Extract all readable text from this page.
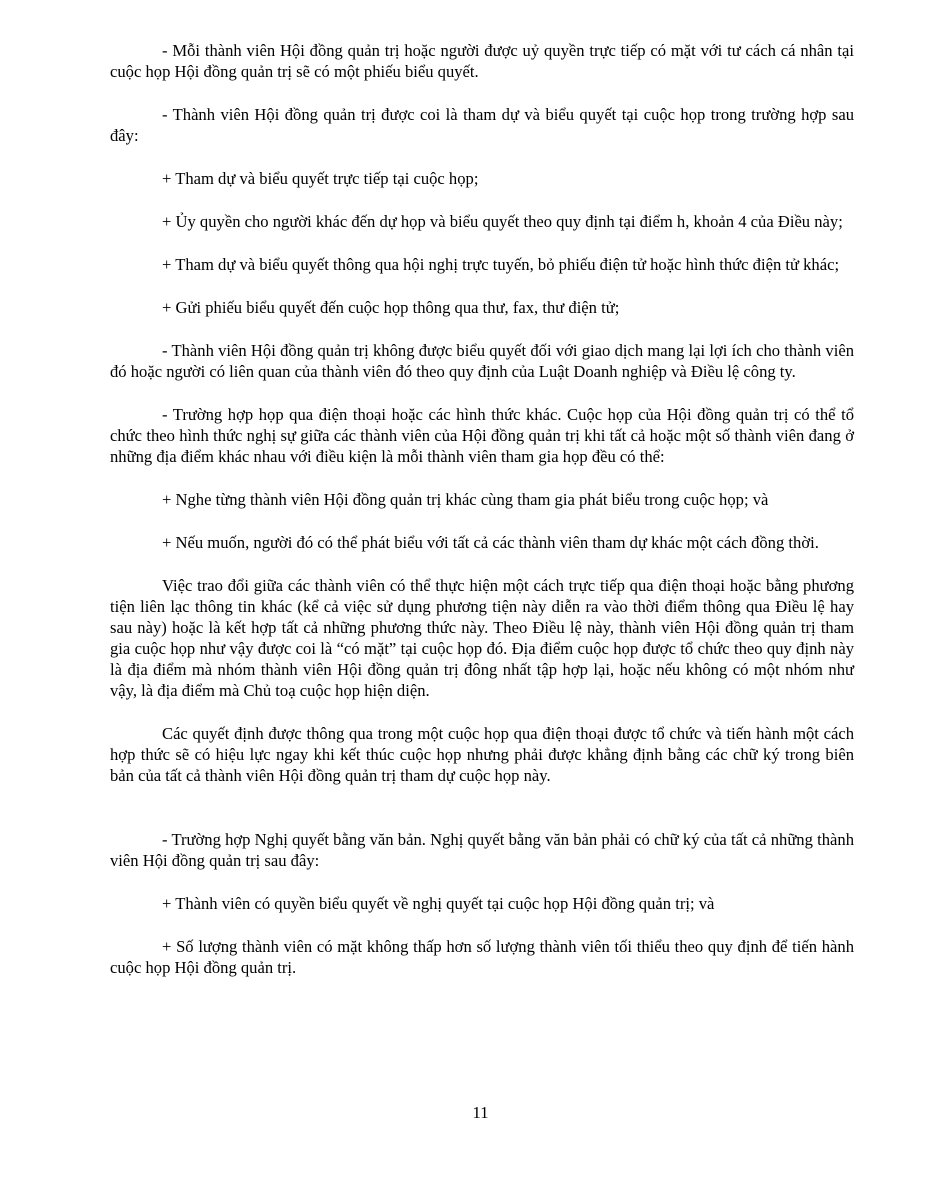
- Mỗi thành viên Hội đồng quản trị hoặc người được uỷ quyền trực tiếp có mặt với tư cách cá nhân tại cuộc họp Hội đồng quản trị sẽ có một phiếu biểu quyết.

- Thành viên Hội đồng quản trị được coi là tham dự và biểu quyết tại cuộc họp trong trường hợp sau đây:

+ Tham dự và biểu quyết trực tiếp tại cuộc họp;

+ Ủy quyền cho người khác đến dự họp và biểu quyết theo quy định tại điểm h, khoản 4 của Điều này;

+ Tham dự và biểu quyết thông qua hội nghị trực tuyến, bỏ phiếu điện tử hoặc hình thức điện tử khác;

+ Gửi phiếu biểu quyết đến cuộc họp thông qua thư, fax, thư điện tử;

- Thành viên Hội đồng quản trị không được biểu quyết đối với giao dịch mang lại lợi ích cho thành viên đó hoặc người có liên quan của thành viên đó theo quy định của Luật Doanh nghiệp và Điều lệ công ty.

- Trường hợp họp qua điện thoại hoặc các hình thức khác. Cuộc họp của Hội đồng quản trị có thể tổ chức theo hình thức nghị sự giữa các thành viên của Hội đồng quản trị khi tất cả hoặc một số thành viên đang ở những địa điểm khác nhau với điều kiện là mỗi thành viên tham gia họp đều có thể:

+ Nghe từng thành viên Hội đồng quản trị khác cùng tham gia phát biểu trong cuộc họp; và

+ Nếu muốn, người đó có thể phát biểu với tất cả các thành viên tham dự khác một cách đồng thời.

Việc trao đổi giữa các thành viên có thể thực hiện một cách trực tiếp qua điện thoại hoặc bằng phương tiện liên lạc thông tin khác (kể cả việc sử dụng phương tiện này diễn ra vào thời điểm thông qua Điều lệ hay sau này) hoặc là kết hợp tất cả những phương thức này. Theo Điều lệ này, thành viên Hội đồng quản trị tham gia cuộc họp như vậy được coi là “có mặt” tại cuộc họp đó. Địa điểm cuộc họp được tổ chức theo quy định này là địa điểm mà nhóm thành viên Hội đồng quản trị đông nhất tập hợp lại, hoặc nếu không có một nhóm như vậy, là địa điểm mà Chủ toạ cuộc họp hiện diện.

Các quyết định được thông qua trong một cuộc họp qua điện thoại được tổ chức và tiến hành một cách hợp thức sẽ có hiệu lực ngay khi kết thúc cuộc họp nhưng phải được khẳng định bằng các chữ ký trong biên bản của tất cả thành viên Hội đồng quản trị tham dự cuộc họp này.

- Trường hợp Nghị quyết bằng văn bản. Nghị quyết bằng văn bản phải có chữ ký của tất cả những thành viên Hội đồng quản trị sau đây:

+ Thành viên có quyền biểu quyết về nghị quyết tại cuộc họp Hội đồng quản trị; và

+ Số lượng thành viên có mặt không thấp hơn số lượng thành viên tối thiểu theo quy định để tiến hành cuộc họp Hội đồng quản trị.

11
